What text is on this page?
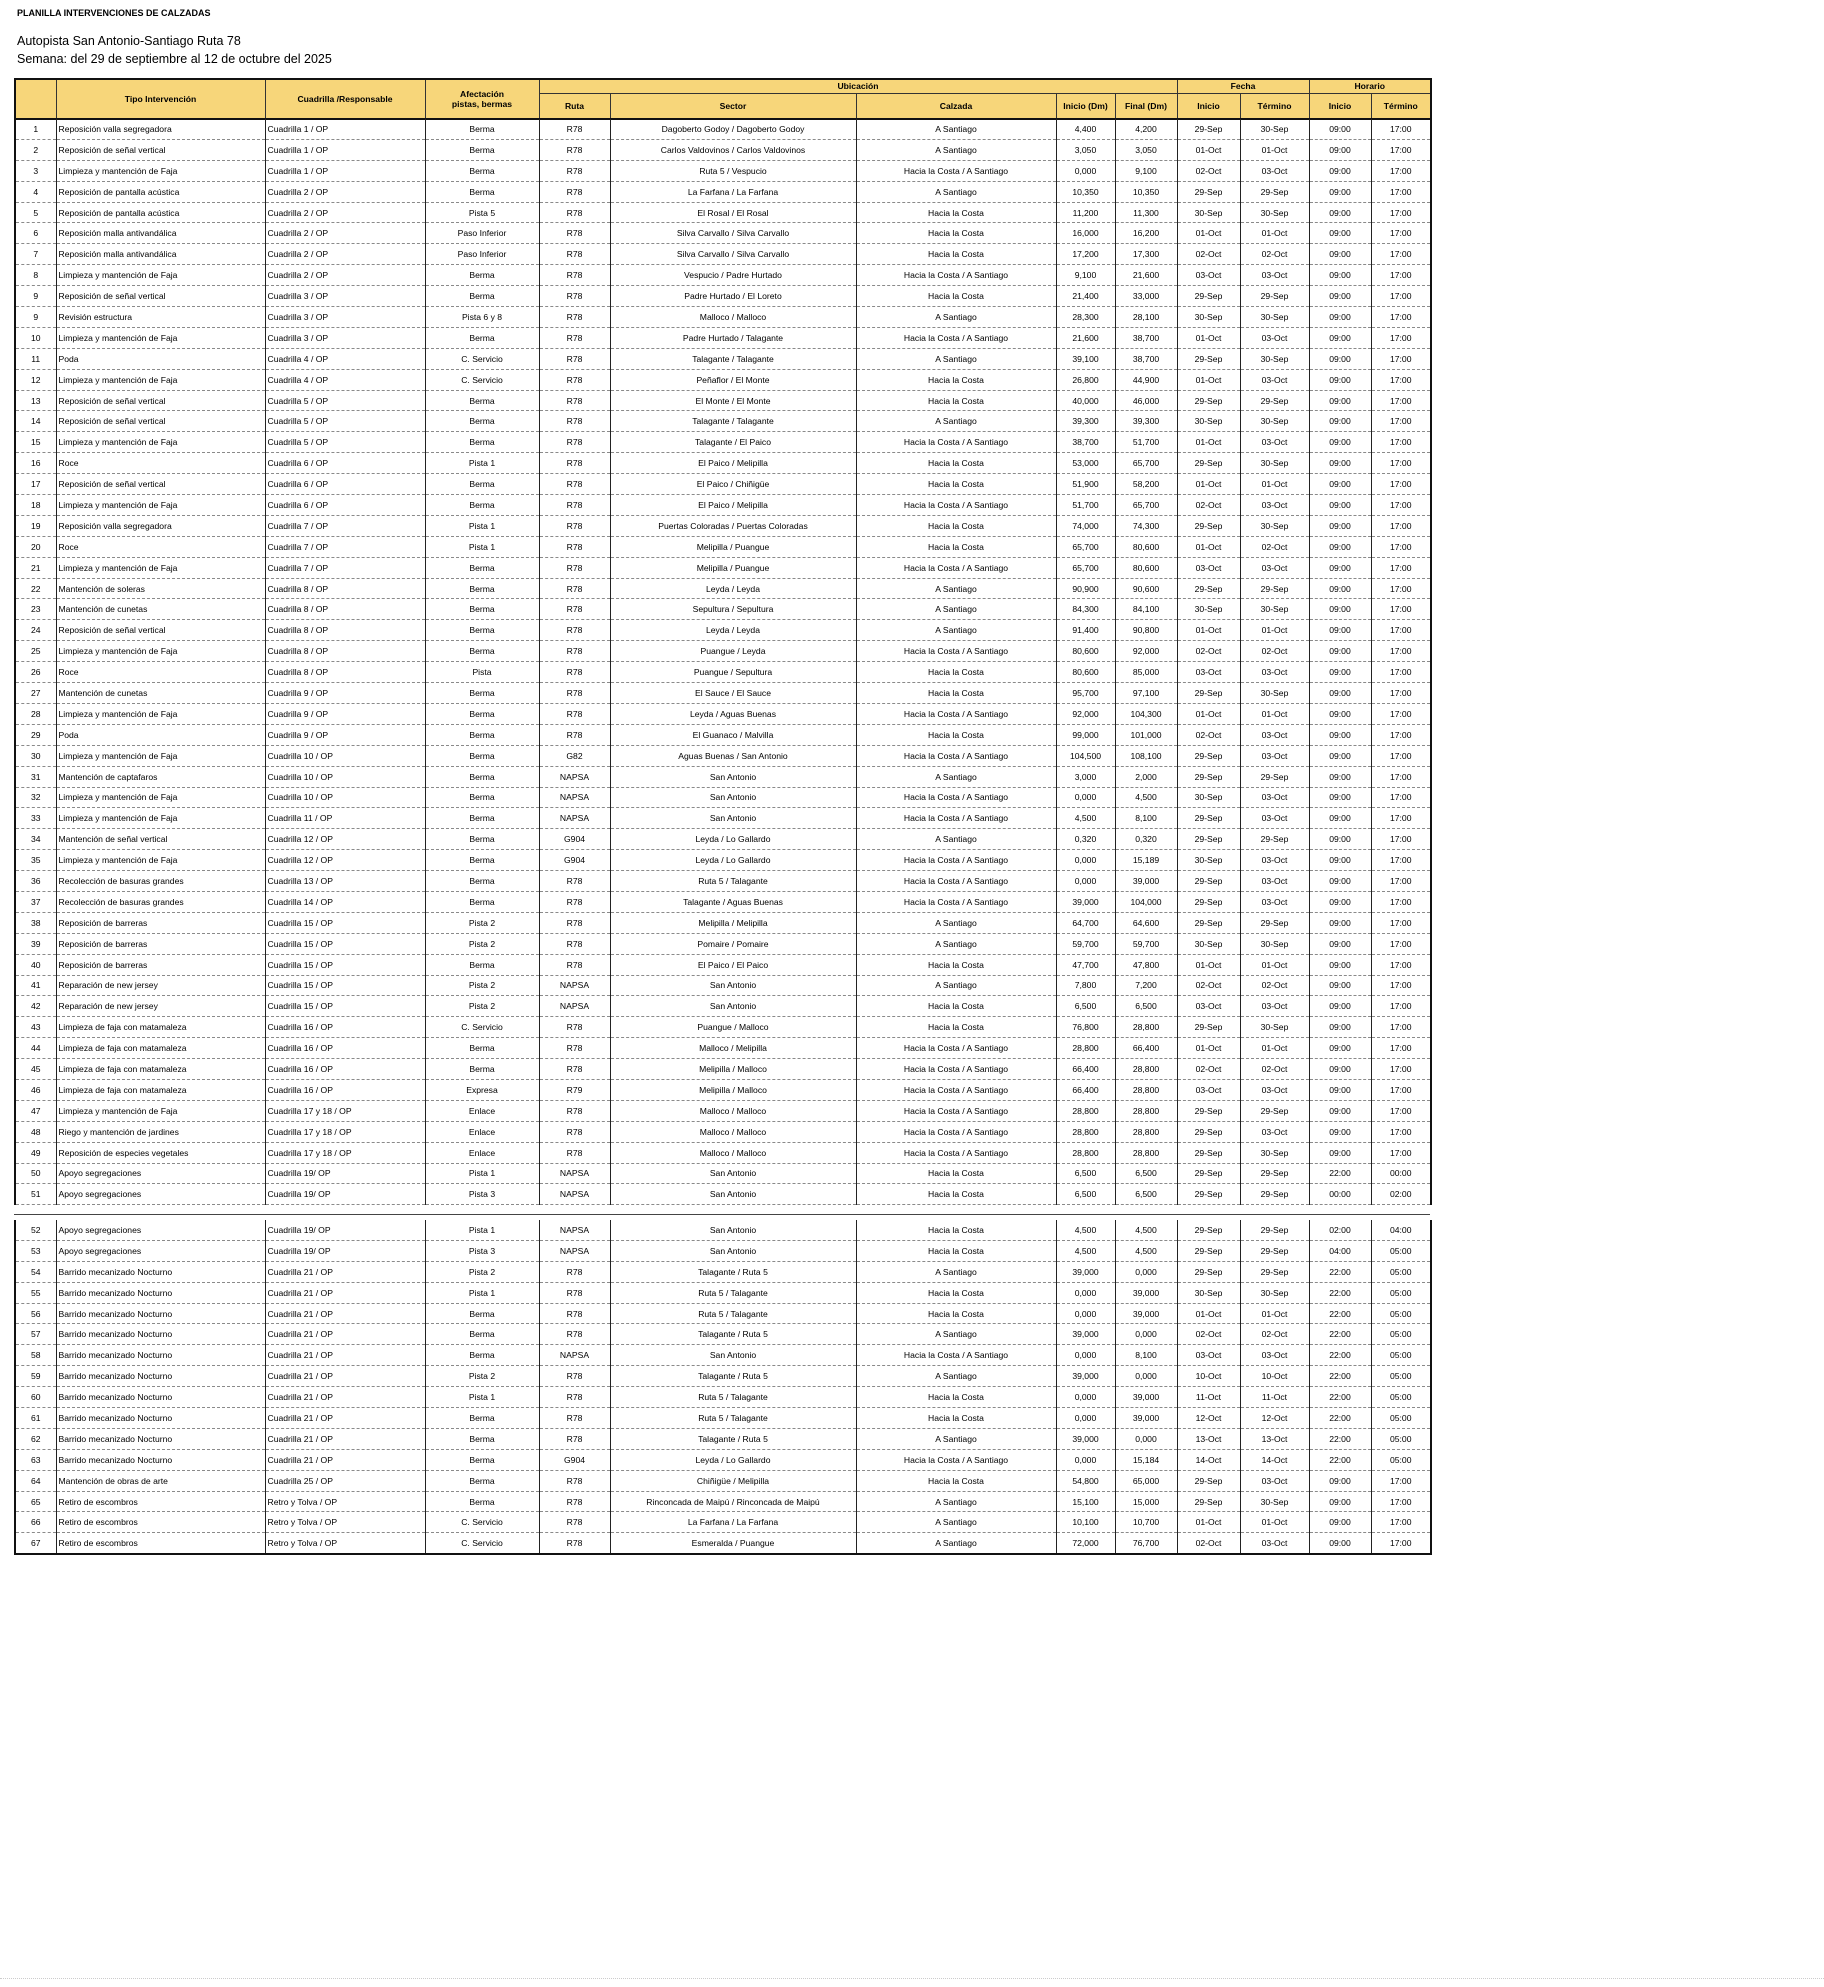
PLANILLA INTERVENCIONES DE CALZADAS
Autopista San Antonio-Santiago Ruta 78
Semana: del 29 de septiembre al 12 de octubre del 2025
	Tipo Intervención	Cuadrilla /Responsable	Afectación
pistas, bermas	Ubicación					Fecha		Horario	
				Ruta	Sector	Calzada	Inicio (Dm)	Final (Dm)	Inicio	Término	Inicio	Término
1	Reposición valla segregadora	Cuadrilla 1 / OP	Berma	R78	Dagoberto Godoy / Dagoberto Godoy	A Santiago	4,400	4,200	29-Sep	30-Sep	09:00	17:00
2	Reposición de señal vertical	Cuadrilla 1 / OP	Berma	R78	Carlos Valdovinos / Carlos Valdovinos	A Santiago	3,050	3,050	01-Oct	01-Oct	09:00	17:00
3	Limpieza y mantención de Faja	Cuadrilla 1 / OP	Berma	R78	Ruta 5 / Vespucio	Hacia la Costa / A Santiago	0,000	9,100	02-Oct	03-Oct	09:00	17:00
4	Reposición de pantalla acústica	Cuadrilla 2 / OP	Berma	R78	La Farfana / La Farfana	A Santiago	10,350	10,350	29-Sep	29-Sep	09:00	17:00
5	Reposición de pantalla acústica	Cuadrilla 2 / OP	Pista 5	R78	El Rosal / El Rosal	Hacia la Costa	11,200	11,300	30-Sep	30-Sep	09:00	17:00
6	Reposición malla antivandálica	Cuadrilla 2 / OP	Paso Inferior	R78	Silva Carvallo / Silva Carvallo	Hacia la Costa	16,000	16,200	01-Oct	01-Oct	09:00	17:00
7	Reposición malla antivandálica	Cuadrilla 2 / OP	Paso Inferior	R78	Silva Carvallo / Silva Carvallo	Hacia la Costa	17,200	17,300	02-Oct	02-Oct	09:00	17:00
8	Limpieza y mantención de Faja	Cuadrilla 2 / OP	Berma	R78	Vespucio / Padre Hurtado	Hacia la Costa / A Santiago	9,100	21,600	03-Oct	03-Oct	09:00	17:00
9	Reposición de señal vertical	Cuadrilla 3 / OP	Berma	R78	Padre Hurtado / El Loreto	Hacia la Costa	21,400	33,000	29-Sep	29-Sep	09:00	17:00
9	Revisión estructura	Cuadrilla 3 / OP	Pista 6 y 8	R78	Malloco / Malloco	A Santiago	28,300	28,100	30-Sep	30-Sep	09:00	17:00
10	Limpieza y mantención de Faja	Cuadrilla 3 / OP	Berma	R78	Padre Hurtado / Talagante	Hacia la Costa / A Santiago	21,600	38,700	01-Oct	03-Oct	09:00	17:00
11	Poda	Cuadrilla 4 / OP	C. Servicio	R78	Talagante / Talagante	A Santiago	39,100	38,700	29-Sep	30-Sep	09:00	17:00
12	Limpieza y mantención de Faja	Cuadrilla 4 / OP	C. Servicio	R78	Peñaflor / El Monte	Hacia la Costa	26,800	44,900	01-Oct	03-Oct	09:00	17:00
13	Reposición de señal vertical	Cuadrilla 5 / OP	Berma	R78	El Monte / El Monte	Hacia la Costa	40,000	46,000	29-Sep	29-Sep	09:00	17:00
14	Reposición de señal vertical	Cuadrilla 5 / OP	Berma	R78	Talagante / Talagante	A Santiago	39,300	39,300	30-Sep	30-Sep	09:00	17:00
15	Limpieza y mantención de Faja	Cuadrilla 5 / OP	Berma	R78	Talagante / El Paico	Hacia la Costa / A Santiago	38,700	51,700	01-Oct	03-Oct	09:00	17:00
16	Roce	Cuadrilla 6 / OP	Pista 1	R78	El Paico / Melipilla	Hacia la Costa	53,000	65,700	29-Sep	30-Sep	09:00	17:00
17	Reposición de señal vertical	Cuadrilla 6 / OP	Berma	R78	El Paico / Chiñigüe	Hacia la Costa	51,900	58,200	01-Oct	01-Oct	09:00	17:00
18	Limpieza y mantención de Faja	Cuadrilla 6 / OP	Berma	R78	El Paico / Melipilla	Hacia la Costa / A Santiago	51,700	65,700	02-Oct	03-Oct	09:00	17:00
19	Reposición valla segregadora	Cuadrilla 7 / OP	Pista 1	R78	Puertas Coloradas / Puertas Coloradas	Hacia la Costa	74,000	74,300	29-Sep	30-Sep	09:00	17:00
20	Roce	Cuadrilla 7 / OP	Pista 1	R78	Melipilla / Puangue	Hacia la Costa	65,700	80,600	01-Oct	02-Oct	09:00	17:00
21	Limpieza y mantención de Faja	Cuadrilla 7 / OP	Berma	R78	Melipilla / Puangue	Hacia la Costa / A Santiago	65,700	80,600	03-Oct	03-Oct	09:00	17:00
22	Mantención de soleras	Cuadrilla 8 / OP	Berma	R78	Leyda / Leyda	A Santiago	90,900	90,600	29-Sep	29-Sep	09:00	17:00
23	Mantención de cunetas	Cuadrilla 8 / OP	Berma	R78	Sepultura / Sepultura	A Santiago	84,300	84,100	30-Sep	30-Sep	09:00	17:00
24	Reposición de señal vertical	Cuadrilla 8 / OP	Berma	R78	Leyda / Leyda	A Santiago	91,400	90,800	01-Oct	01-Oct	09:00	17:00
25	Limpieza y mantención de Faja	Cuadrilla 8 / OP	Berma	R78	Puangue / Leyda	Hacia la Costa / A Santiago	80,600	92,000	02-Oct	02-Oct	09:00	17:00
26	Roce	Cuadrilla 8 / OP	Pista	R78	Puangue / Sepultura	Hacia la Costa	80,600	85,000	03-Oct	03-Oct	09:00	17:00
27	Mantención de cunetas	Cuadrilla 9 / OP	Berma	R78	El Sauce / El Sauce	Hacia la Costa	95,700	97,100	29-Sep	30-Sep	09:00	17:00
28	Limpieza y mantención de Faja	Cuadrilla 9 / OP	Berma	R78	Leyda / Aguas Buenas	Hacia la Costa / A Santiago	92,000	104,300	01-Oct	01-Oct	09:00	17:00
29	Poda	Cuadrilla 9 / OP	Berma	R78	El Guanaco / Malvilla	Hacia la Costa	99,000	101,000	02-Oct	03-Oct	09:00	17:00
30	Limpieza y mantención de Faja	Cuadrilla 10 / OP	Berma	G82	Aguas Buenas / San Antonio	Hacia la Costa / A Santiago	104,500	108,100	29-Sep	03-Oct	09:00	17:00
31	Mantención de captafaros	Cuadrilla 10 / OP	Berma	NAPSA	San Antonio	A Santiago	3,000	2,000	29-Sep	29-Sep	09:00	17:00
32	Limpieza y mantención de Faja	Cuadrilla 10 / OP	Berma	NAPSA	San Antonio	Hacia la Costa / A Santiago	0,000	4,500	30-Sep	03-Oct	09:00	17:00
33	Limpieza y mantención de Faja	Cuadrilla 11 / OP	Berma	NAPSA	San Antonio	Hacia la Costa / A Santiago	4,500	8,100	29-Sep	03-Oct	09:00	17:00
34	Mantención de señal vertical	Cuadrilla 12 / OP	Berma	G904	Leyda / Lo Gallardo	A Santiago	0,320	0,320	29-Sep	29-Sep	09:00	17:00
35	Limpieza y mantención de Faja	Cuadrilla 12 / OP	Berma	G904	Leyda / Lo Gallardo	Hacia la Costa / A Santiago	0,000	15,189	30-Sep	03-Oct	09:00	17:00
36	Recolección de basuras grandes	Cuadrilla 13 / OP	Berma	R78	Ruta 5 / Talagante	Hacia la Costa / A Santiago	0,000	39,000	29-Sep	03-Oct	09:00	17:00
37	Recolección de basuras grandes	Cuadrilla 14 / OP	Berma	R78	Talagante / Aguas Buenas	Hacia la Costa / A Santiago	39,000	104,000	29-Sep	03-Oct	09:00	17:00
38	Reposición de barreras	Cuadrilla 15 / OP	Pista 2	R78	Melipilla / Melipilla	A Santiago	64,700	64,600	29-Sep	29-Sep	09:00	17:00
39	Reposición de barreras	Cuadrilla 15 / OP	Pista 2	R78	Pomaire / Pomaire	A Santiago	59,700	59,700	30-Sep	30-Sep	09:00	17:00
40	Reposición de barreras	Cuadrilla 15 / OP	Berma	R78	El Paico / El Paico	Hacia la Costa	47,700	47,800	01-Oct	01-Oct	09:00	17:00
41	Reparación de new jersey	Cuadrilla 15 / OP	Pista 2	NAPSA	San Antonio	A Santiago	7,800	7,200	02-Oct	02-Oct	09:00	17:00
42	Reparación de new jersey	Cuadrilla 15 / OP	Pista 2	NAPSA	San Antonio	Hacia la Costa	6,500	6,500	03-Oct	03-Oct	09:00	17:00
43	Limpieza de faja con matamaleza	Cuadrilla 16 / OP	C. Servicio	R78	Puangue / Malloco	Hacia la Costa	76,800	28,800	29-Sep	30-Sep	09:00	17:00
44	Limpieza de faja con matamaleza	Cuadrilla 16 / OP	Berma	R78	Malloco / Melipilla	Hacia la Costa / A Santiago	28,800	66,400	01-Oct	01-Oct	09:00	17:00
45	Limpieza de faja con matamaleza	Cuadrilla 16 / OP	Berma	R78	Melipilla / Malloco	Hacia la Costa / A Santiago	66,400	28,800	02-Oct	02-Oct	09:00	17:00
46	Limpieza de faja con matamaleza	Cuadrilla 16 / OP	Expresa	R79	Melipilla / Malloco	Hacia la Costa / A Santiago	66,400	28,800	03-Oct	03-Oct	09:00	17:00
47	Limpieza y mantención de Faja	Cuadrilla 17 y 18 / OP	Enlace	R78	Malloco / Malloco	Hacia la Costa / A Santiago	28,800	28,800	29-Sep	29-Sep	09:00	17:00
48	Riego y mantención de jardines	Cuadrilla 17 y 18 / OP	Enlace	R78	Malloco / Malloco	Hacia la Costa / A Santiago	28,800	28,800	29-Sep	03-Oct	09:00	17:00
49	Reposición de especies vegetales	Cuadrilla 17 y 18 / OP	Enlace	R78	Malloco / Malloco	Hacia la Costa / A Santiago	28,800	28,800	29-Sep	30-Sep	09:00	17:00
50	Apoyo segregaciones	Cuadrilla 19/ OP	Pista 1	NAPSA	San Antonio	Hacia la Costa	6,500	6,500	29-Sep	29-Sep	22:00	00:00
51	Apoyo segregaciones	Cuadrilla 19/ OP	Pista 3	NAPSA	San Antonio	Hacia la Costa	6,500	6,500	29-Sep	29-Sep	00:00	02:00
52	Apoyo segregaciones	Cuadrilla 19/ OP	Pista 1	NAPSA	San Antonio	Hacia la Costa	4,500	4,500	29-Sep	29-Sep	02:00	04:00
53	Apoyo segregaciones	Cuadrilla 19/ OP	Pista 3	NAPSA	San Antonio	Hacia la Costa	4,500	4,500	29-Sep	29-Sep	04:00	05:00
54	Barrido mecanizado Nocturno	Cuadrilla 21 / OP	Pista 2	R78	Talagante / Ruta 5	A Santiago	39,000	0,000	29-Sep	29-Sep	22:00	05:00
55	Barrido mecanizado Nocturno	Cuadrilla 21 / OP	Pista 1	R78	Ruta 5 / Talagante	Hacia la Costa	0,000	39,000	30-Sep	30-Sep	22:00	05:00
56	Barrido mecanizado Nocturno	Cuadrilla 21 / OP	Berma	R78	Ruta 5 / Talagante	Hacia la Costa	0,000	39,000	01-Oct	01-Oct	22:00	05:00
57	Barrido mecanizado Nocturno	Cuadrilla 21 / OP	Berma	R78	Talagante / Ruta 5	A Santiago	39,000	0,000	02-Oct	02-Oct	22:00	05:00
58	Barrido mecanizado Nocturno	Cuadrilla 21 / OP	Berma	NAPSA	San Antonio	Hacia la Costa / A Santiago	0,000	8,100	03-Oct	03-Oct	22:00	05:00
59	Barrido mecanizado Nocturno	Cuadrilla 21 / OP	Pista 2	R78	Talagante / Ruta 5	A Santiago	39,000	0,000	10-Oct	10-Oct	22:00	05:00
60	Barrido mecanizado Nocturno	Cuadrilla 21 / OP	Pista 1	R78	Ruta 5 / Talagante	Hacia la Costa	0,000	39,000	11-Oct	11-Oct	22:00	05:00
61	Barrido mecanizado Nocturno	Cuadrilla 21 / OP	Berma	R78	Ruta 5 / Talagante	Hacia la Costa	0,000	39,000	12-Oct	12-Oct	22:00	05:00
62	Barrido mecanizado Nocturno	Cuadrilla 21 / OP	Berma	R78	Talagante / Ruta 5	A Santiago	39,000	0,000	13-Oct	13-Oct	22:00	05:00
63	Barrido mecanizado Nocturno	Cuadrilla 21 / OP	Berma	G904	Leyda / Lo Gallardo	Hacia la Costa / A Santiago	0,000	15,184	14-Oct	14-Oct	22:00	05:00
64	Mantención de obras de arte	Cuadrilla 25 / OP	Berma	R78	Chiñigüe / Melipilla	Hacia la Costa	54,800	65,000	29-Sep	03-Oct	09:00	17:00
65	Retiro de escombros	Retro y Tolva / OP	Berma	R78	Rinconcada de Maipú / Rinconcada de Maipú	A Santiago	15,100	15,000	29-Sep	30-Sep	09:00	17:00
66	Retiro de escombros	Retro y Tolva / OP	C. Servicio	R78	La Farfana / La Farfana	A Santiago	10,100	10,700	01-Oct	01-Oct	09:00	17:00
67	Retiro de escombros	Retro y Tolva / OP	C. Servicio	R78	Esmeralda / Puangue	A Santiago	72,000	76,700	02-Oct	03-Oct	09:00	17:00
